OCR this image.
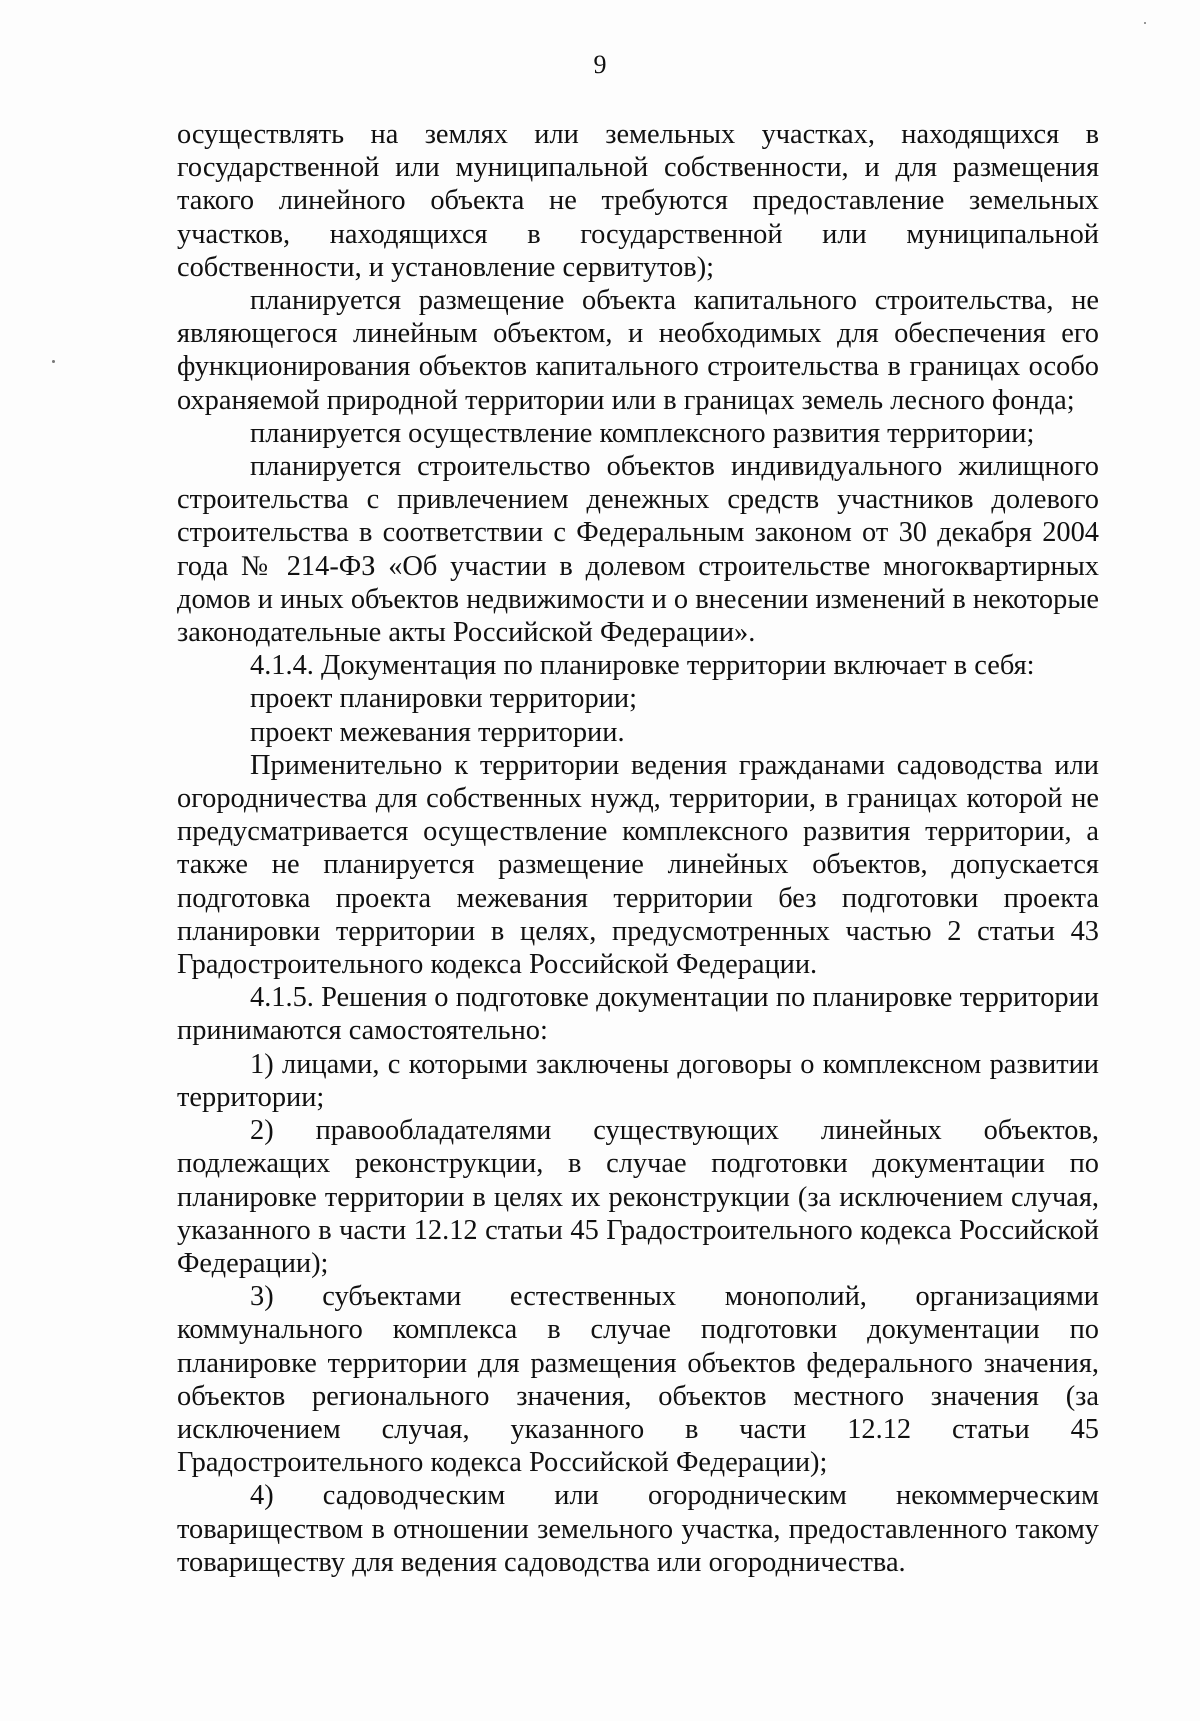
9

осуществлять на землях или земельных участках, находящихся в государственной или муниципальной собственности, и для размещения такого линейного объекта не требуются предоставление земельных участков, находящихся в государственной или муниципальной собственности, и установление сервитутов);

планируется размещение объекта капитального строительства, не являющегося линейным объектом, и необходимых для обеспечения его функционирования объектов капитального строительства в границах особо охраняемой природной территории или в границах земель лесного фонда;

планируется осуществление комплексного развития территории;

планируется строительство объектов индивидуального жилищного строительства с привлечением денежных средств участников долевого строительства в соответствии с Федеральным законом от 30 декабря 2004 года № 214-ФЗ «Об участии в долевом строительстве многоквартирных домов и иных объектов недвижимости и о внесении изменений в некоторые законодательные акты Российской Федерации».

4.1.4. Документация по планировке территории включает в себя:

проект планировки территории;

проект межевания территории.

Применительно к территории ведения гражданами садоводства или огородничества для собственных нужд, территории, в границах которой не предусматривается осуществление комплексного развития территории, а также не планируется размещение линейных объектов, допускается подготовка проекта межевания территории без подготовки проекта планировки территории в целях, предусмотренных частью 2 статьи 43 Градостроительного кодекса Российской Федерации.

4.1.5. Решения о подготовке документации по планировке территории принимаются самостоятельно:

1) лицами, с которыми заключены договоры о комплексном развитии территории;

2) правообладателями существующих линейных объектов, подлежащих реконструкции, в случае подготовки документации по планировке территории в целях их реконструкции (за исключением случая, указанного в части 12.12 статьи 45 Градостроительного кодекса Российской Федерации);

3) субъектами естественных монополий, организациями коммунального комплекса в случае подготовки документации по планировке территории для размещения объектов федерального значения, объектов регионального значения, объектов местного значения (за исключением случая, указанного в части 12.12 статьи 45 Градостроительного кодекса Российской Федерации);

4) садоводческим или огородническим некоммерческим товариществом в отношении земельного участка, предоставленного такому товариществу для ведения садоводства или огородничества.
